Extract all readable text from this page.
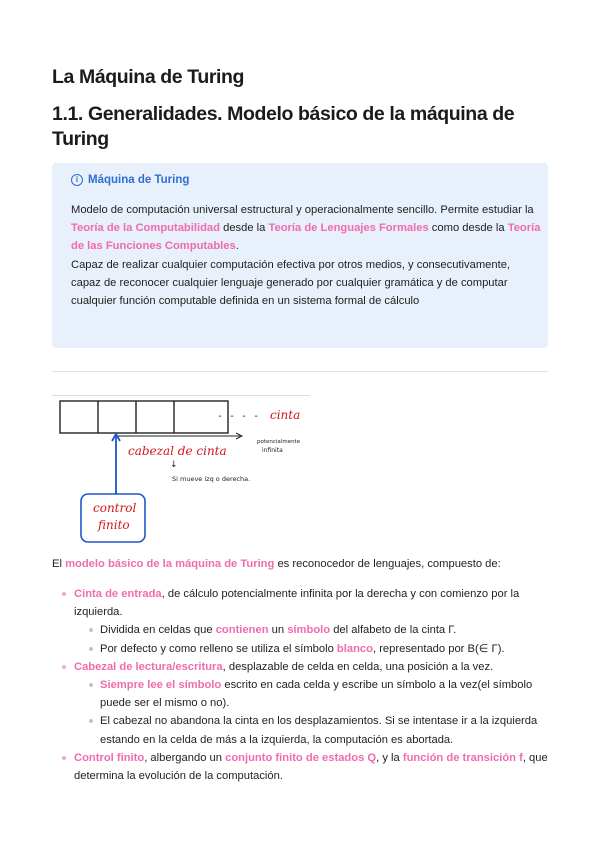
La Máquina de Turing
1.1. Generalidades. Modelo básico de la máquina de Turing
i Máquina de Turing
Modelo de computación universal estructural y operacionalmente sencillo. Permite estudiar la Teoría de la Computabilidad desde la Teoría de Lenguajes Formales como desde la Teoría de las Funciones Computables.
Capaz de realizar cualquier computación efectiva por otros medios, y consecutivamente, capaz de reconocer cualquier lenguaje generado por cualquier gramática y de computar cualquier función computable definida en un sistema formal de cálculo
- - - - cinta
potencialmente
infinita
cabezal de cinta
↓
Si mueve izq o derecha.
control
finito
El modelo básico de la máquina de Turing es reconocedor de lenguajes, compuesto de:
Cinta de entrada, de cálculo potencialmente infinita por la derecha y con comienzo por la izquierda.
Dividida en celdas que contienen un símbolo del alfabeto de la cinta Γ.
Por defecto y como relleno se utiliza el símbolo blanco, representado por B(∈ Γ).
Cabezal de lectura/escritura, desplazable de celda en celda, una posición a la vez.
Siempre lee el símbolo escrito en cada celda y escribe un símbolo a la vez(el símbolo puede ser el mismo o no).
El cabezal no abandona la cinta en los desplazamientos. Si se intentase ir a la izquierda estando en la celda de más a la izquierda, la computación es abortada.
Control finito, albergando un conjunto finito de estados Q, y la función de transición f, que determina la evolución de la computación.
